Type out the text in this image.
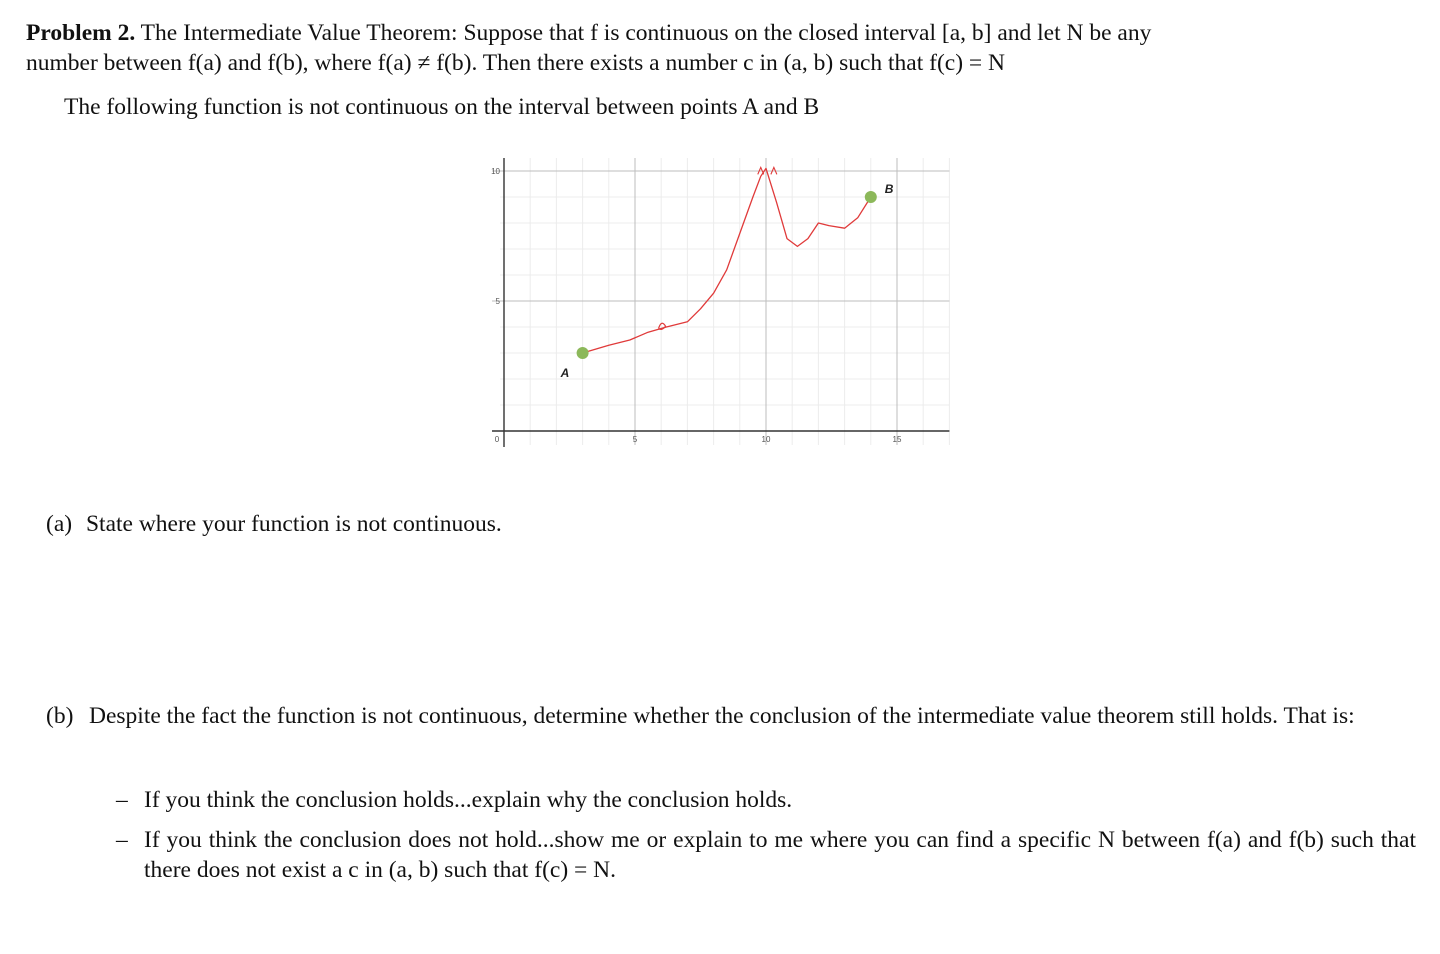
Problem 2. The Intermediate Value Theorem: Suppose that f is continuous on the closed interval [a, b] and let N be any
number between f(a) and f(b), where f(a) ≠ f(b). Then there exists a number c in (a, b) such that f(c) = N
The following function is not continuous on the interval between points A and B
0	5	10	15
5
10
A
B
(a) State where your function is not continuous.
(b) Despite the fact the function is not continuous, determine whether the conclusion of the intermediate value theorem still holds. That is:
– If you think the conclusion holds...explain why the conclusion holds.
– If you think the conclusion does not hold...show me or explain to me where you can find a specific N between f(a) and f(b) such that there does not exist a c in (a, b) such that f(c) = N.
